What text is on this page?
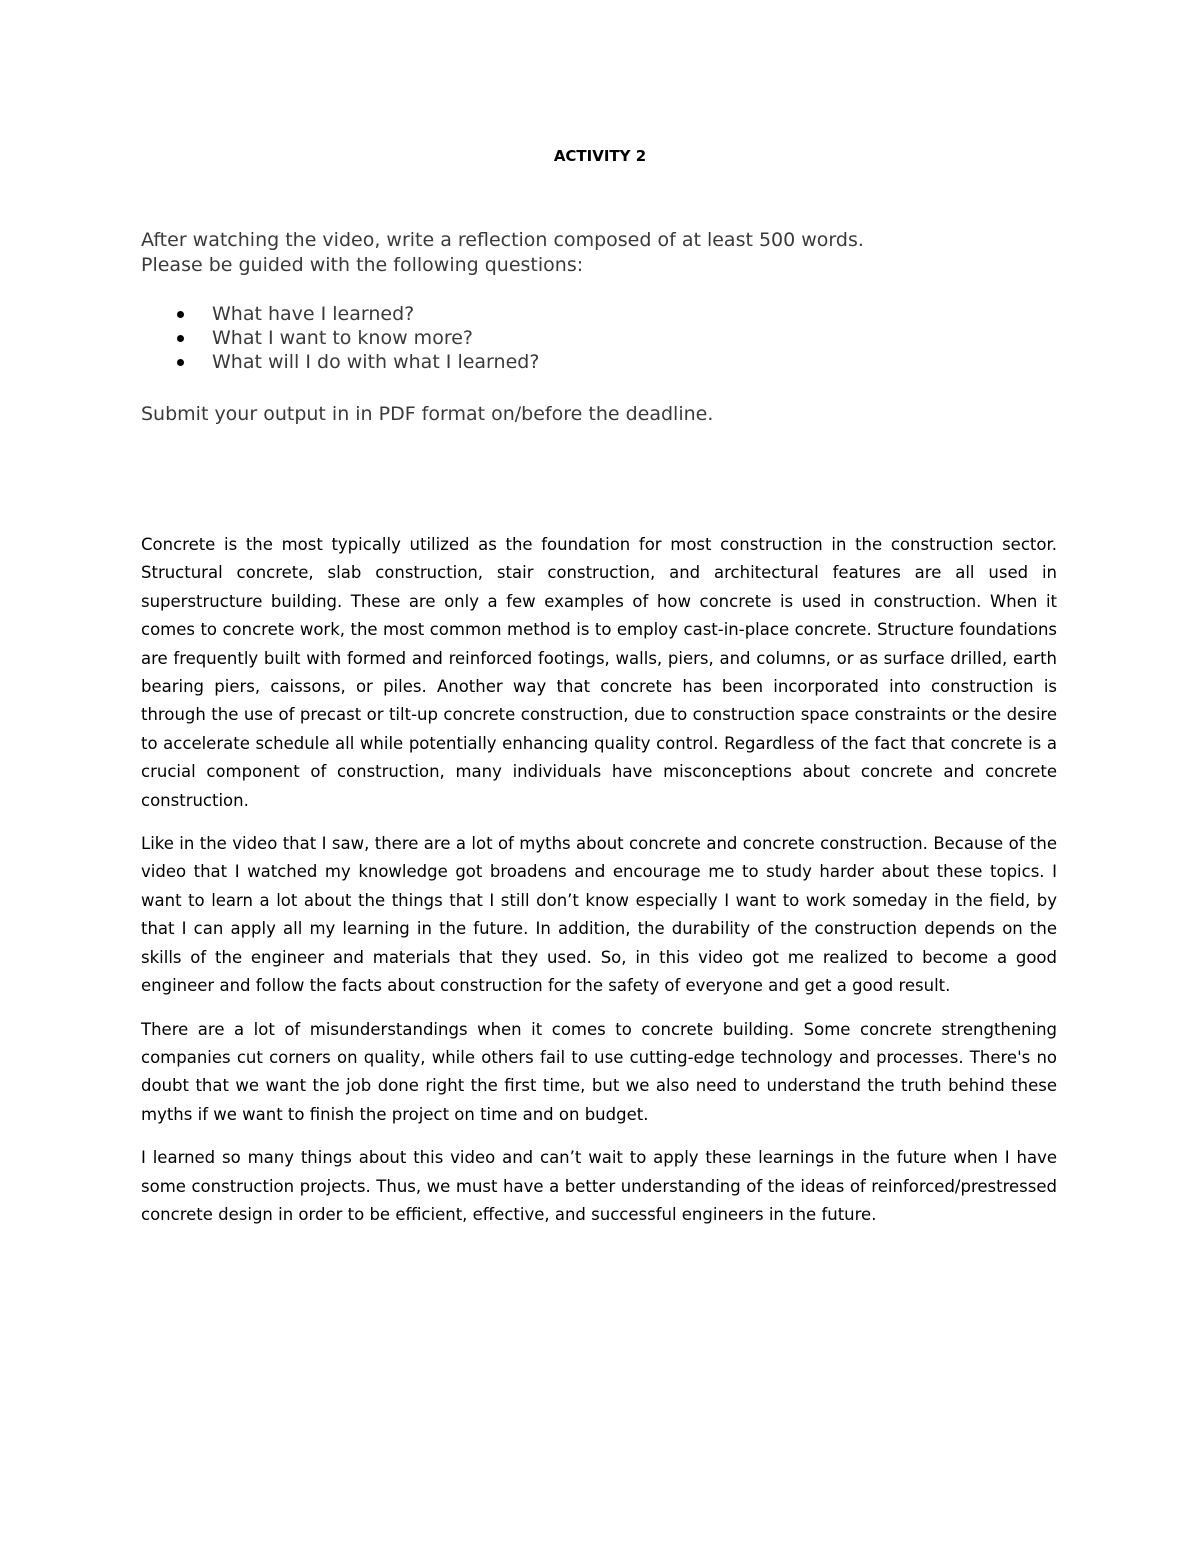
ACTIVITY 2

After watching the video, write a reflection composed of at least 500 words.

Please be guided with the following questions:

What have I learned?
What I want to know more?
What will I do with what I learned?

Submit your output in in PDF format on/before the deadline.

Concrete is the most typically utilized as the foundation for most construction in the construction sector. Structural concrete, slab construction, stair construction, and architectural features are all used in superstructure building. These are only a few examples of how concrete is used in construction. When it comes to concrete work, the most common method is to employ cast-in-place concrete. Structure foundations are frequently built with formed and reinforced footings, walls, piers, and columns, or as surface drilled, earth bearing piers, caissons, or piles. Another way that concrete has been incorporated into construction is through the use of precast or tilt-up concrete construction, due to construction space constraints or the desire to accelerate schedule all while potentially enhancing quality control. Regardless of the fact that concrete is a crucial component of construction, many individuals have misconceptions about concrete and concrete construction.

Like in the video that I saw, there are a lot of myths about concrete and concrete construction. Because of the video that I watched my knowledge got broadens and encourage me to study harder about these topics. I want to learn a lot about the things that I still don’t know especially I want to work someday in the field, by that I can apply all my learning in the future. In addition, the durability of the construction depends on the skills of the engineer and materials that they used. So, in this video got me realized to become a good engineer and follow the facts about construction for the safety of everyone and get a good result.

There are a lot of misunderstandings when it comes to concrete building. Some concrete strengthening companies cut corners on quality, while others fail to use cutting-edge technology and processes. There's no doubt that we want the job done right the first time, but we also need to understand the truth behind these myths if we want to finish the project on time and on budget.

I learned so many things about this video and can’t wait to apply these learnings in the future when I have some construction projects. Thus, we must have a better understanding of the ideas of reinforced/prestressed concrete design in order to be efficient, effective, and successful engineers in the future.
